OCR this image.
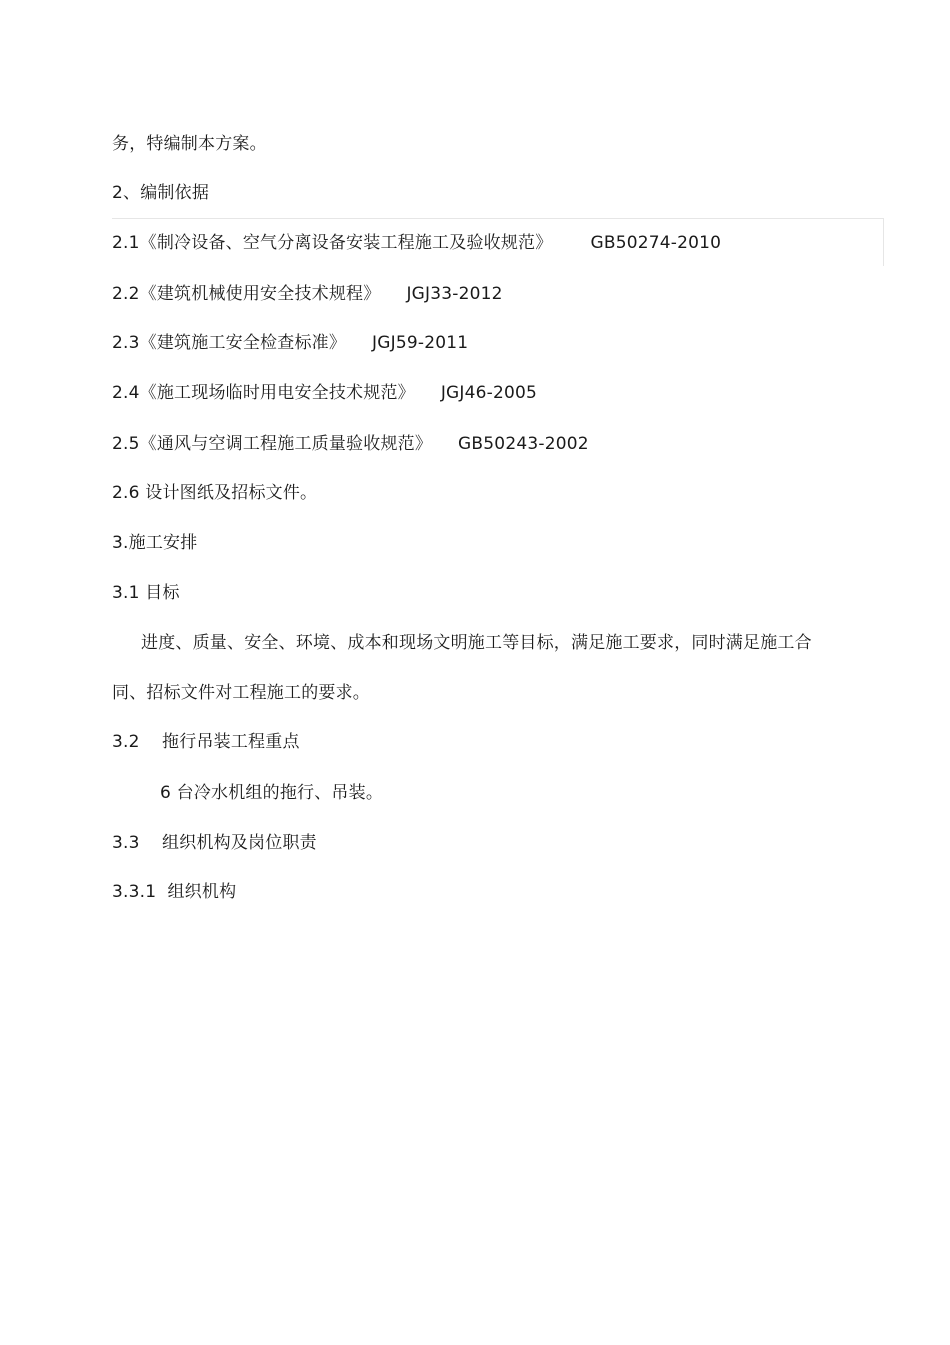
务，特编制本方案。
2、编制依据
2.1《制冷设备、空气分离设备安装工程施工及验收规范》 GB50274-2010
2.2《建筑机械使用安全技术规程》 JGJ33-2012
2.3《建筑施工安全检查标准》 JGJ59-2011
2.4《施工现场临时用电安全技术规范》 JGJ46-2005
2.5《通风与空调工程施工质量验收规范》 GB50243-2002
2.6 设计图纸及招标文件。
3.施工安排
3.1 目标
进度、质量、安全、环境、成本和现场文明施工等目标，满足施工要求，同时满足施工合
同、招标文件对工程施工的要求。
3.2    拖行吊装工程重点
6 台冷水机组的拖行、吊装。
3.3    组织机构及岗位职责
3.3.1  组织机构
